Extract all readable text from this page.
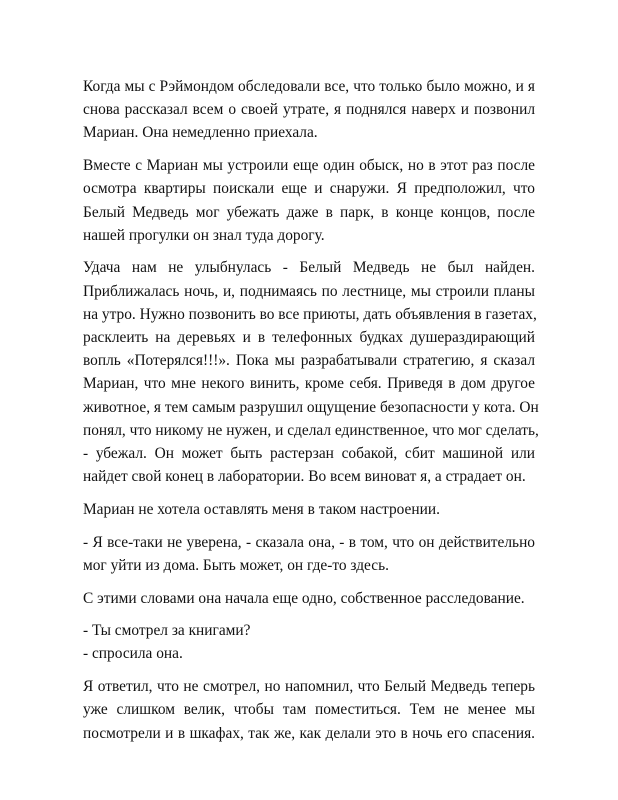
Когда мы с Рэймондом обследовали все, что только было можно, и я
снова рассказал всем о своей утрате, я поднялся наверх и позвонил
Мариан. Она немедленно приехала.
Вместе с Мариан мы устроили еще один обыск, но в этот раз после
осмотра квартиры поискали еще и снаружи. Я предположил, что
Белый Медведь мог убежать даже в парк, в конце концов, после
нашей прогулки он знал туда дорогу.
Удача нам не улыбнулась - Белый Медведь не был найден.
Приближалась ночь, и, поднимаясь по лестнице, мы строили планы
на утро. Нужно позвонить во все приюты, дать объявления в газетах,
расклеить на деревьях и в телефонных будках душераздирающий
вопль «Потерялся!!!». Пока мы разрабатывали стратегию, я сказал
Мариан, что мне некого винить, кроме себя. Приведя в дом другое
животное, я тем самым разрушил ощущение безопасности у кота. Он
понял, что никому не нужен, и сделал единственное, что мог сделать,
- убежал. Он может быть растерзан собакой, сбит машиной или
найдет свой конец в лаборатории. Во всем виноват я, а страдает он.
Мариан не хотела оставлять меня в таком настроении.
- Я все-таки не уверена, - сказала она, - в том, что он действительно
мог уйти из дома. Быть может, он где-то здесь.
С этими словами она начала еще одно, собственное расследование.
- Ты смотрел за книгами?
- спросила она.
Я ответил, что не смотрел, но напомнил, что Белый Медведь теперь
уже слишком велик, чтобы там поместиться. Тем не менее мы
посмотрели и в шкафах, так же, как делали это в ночь его спасения.
